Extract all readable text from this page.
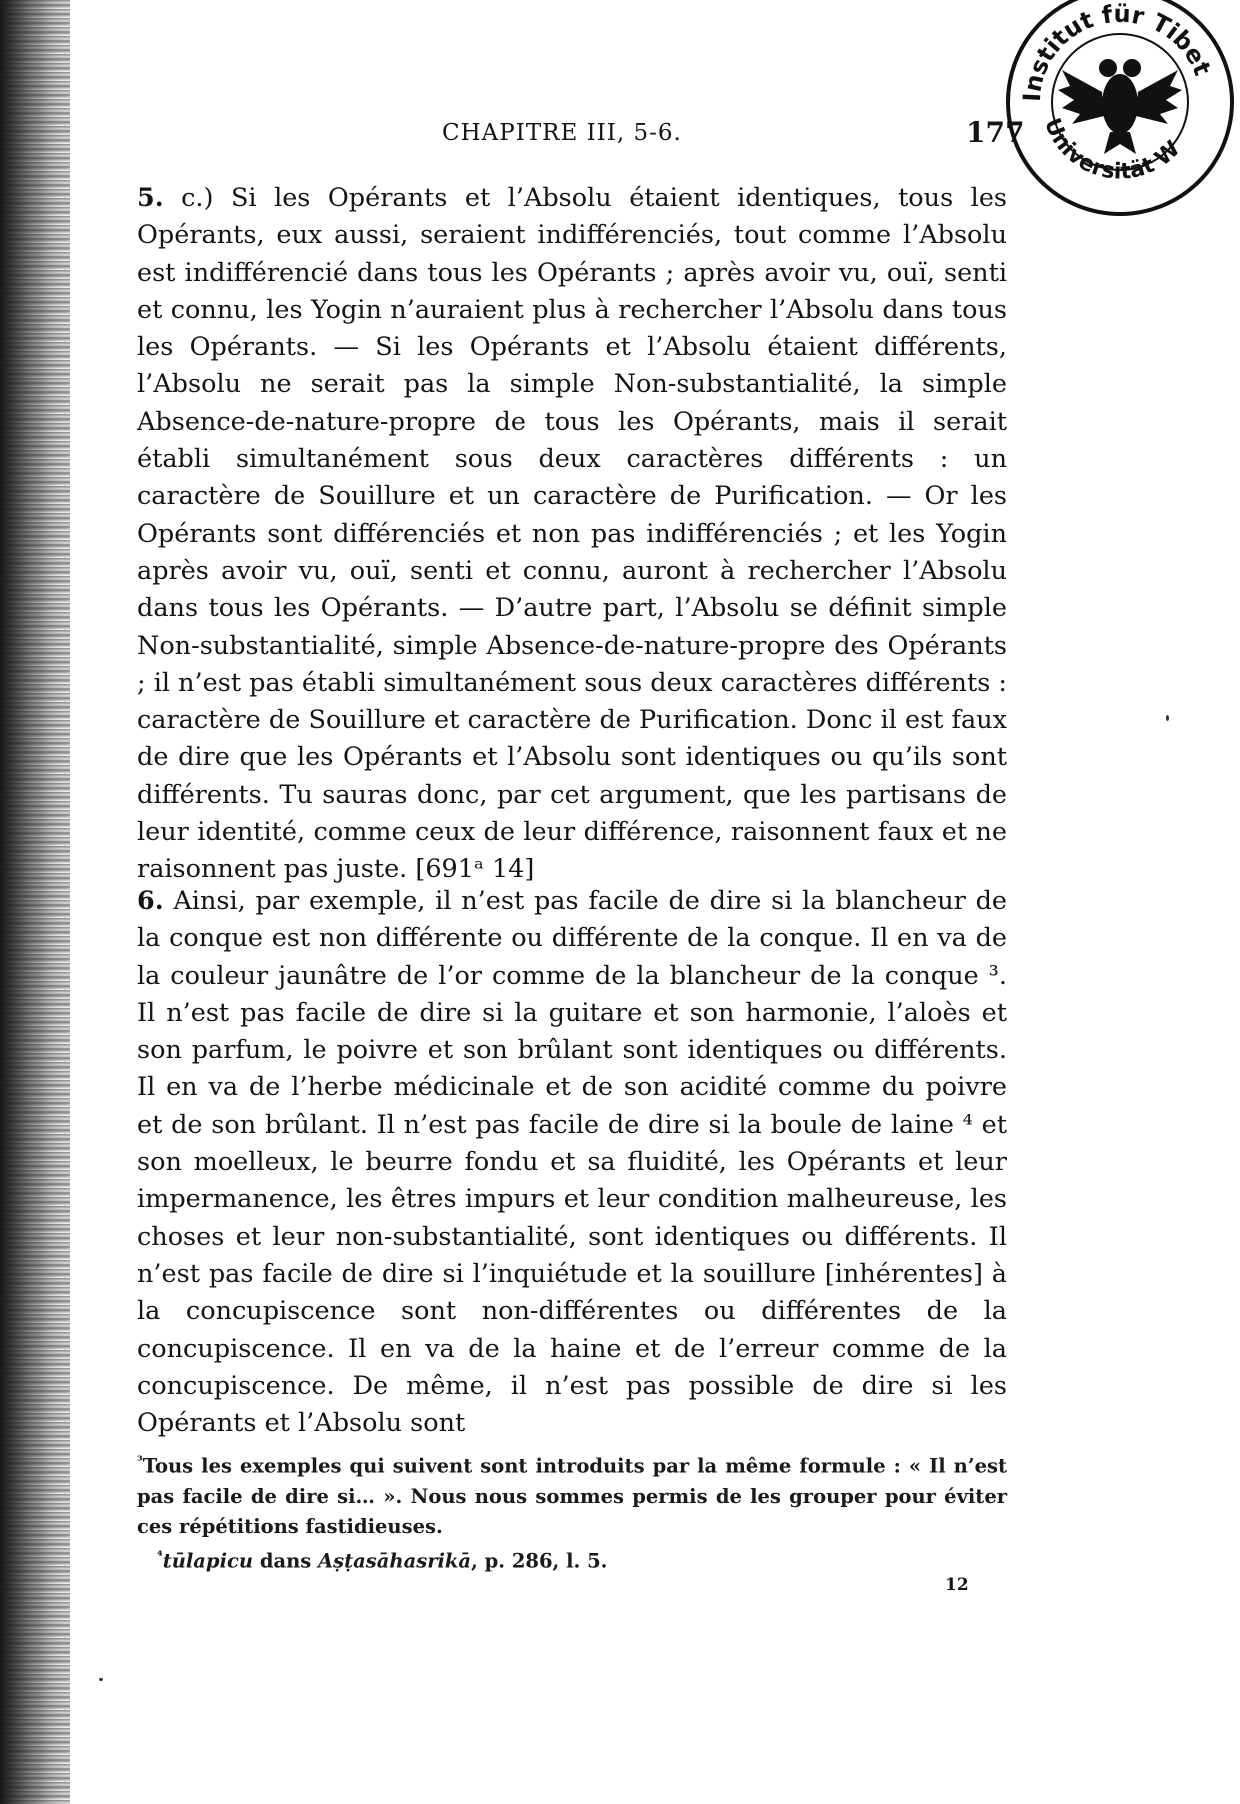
CHAPITRE III, 5-6.	177
Institut für Tibet
Universität W
5. c.) Si les Opérants et l’Absolu étaient identiques, tous les Opérants, eux aussi, seraient indifférenciés, tout comme l’Absolu est indifférencié dans tous les Opérants ; après avoir vu, ouï, senti et connu, les Yogin n’auraient plus à rechercher l’Absolu dans tous les Opérants. — Si les Opérants et l’Absolu étaient différents, l’Absolu ne serait pas la simple Non-substantialité, la simple Absence-de-nature-propre de tous les Opérants, mais il serait établi simultanément sous deux caractères différents : un caractère de Souillure et un caractère de Purification. — Or les Opérants sont différenciés et non pas indifférenciés ; et les Yogin après avoir vu, ouï, senti et connu, auront à rechercher l’Absolu dans tous les Opérants. — D’autre part, l’Absolu se définit simple Non-substantialité, simple Absence-de-nature-propre des Opérants ; il n’est pas établi simultanément sous deux caractères différents : caractère de Souillure et caractère de Purification. Donc il est faux de dire que les Opérants et l’Absolu sont identiques ou qu’ils sont différents. Tu sauras donc, par cet argument, que les partisans de leur identité, comme ceux de leur différence, raisonnent faux et ne raisonnent pas juste. [691ᵃ 14]
6. Ainsi, par exemple, il n’est pas facile de dire si la blancheur de la conque est non différente ou différente de la conque. Il en va de la couleur jaunâtre de l’or comme de la blancheur de la conque ³. Il n’est pas facile de dire si la guitare et son harmonie, l’aloès et son parfum, le poivre et son brûlant sont identiques ou différents. Il en va de l’herbe médicinale et de son acidité comme du poivre et de son brûlant. Il n’est pas facile de dire si la boule de laine ⁴ et son moelleux, le beurre fondu et sa fluidité, les Opérants et leur impermanence, les êtres impurs et leur condition malheureuse, les choses et leur non-substantialité, sont identiques ou différents. Il n’est pas facile de dire si l’inquiétude et la souillure [inhérentes] à la concupiscence sont non-différentes ou différentes de la concupiscence. Il en va de la haine et de l’erreur comme de la concupiscence. De même, il n’est pas possible de dire si les Opérants et l’Absolu sont
$^{^3}$Tous les exemples qui suivent sont introduits par la même formule : « Il n’est pas facile de dire si… ». Nous nous sommes permis de les grouper pour éviter ces répétitions fastidieuses.
$^{^4}$tūlapicu dans Aṣṭasāhasrikā, p. 286, l. 5.
12
